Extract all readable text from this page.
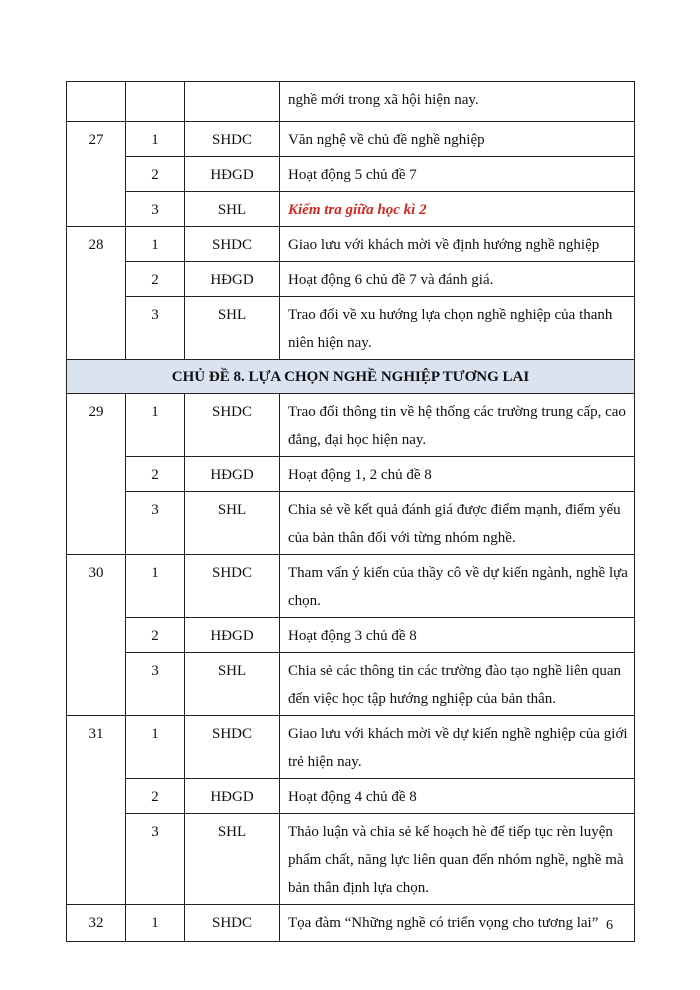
			nghề mới trong xã hội hiện nay.
27	1	SHDC	Văn nghệ về chủ đề nghề nghiệp
	2	HĐGD	Hoạt động 5 chủ đề 7
	3	SHL	Kiểm tra giữa học kì 2
28	1	SHDC	Giao lưu với khách mời về định hướng nghề nghiệp
	2	HĐGD	Hoạt động 6 chủ đề 7 và đánh giá.
	3	SHL	Trao đổi về xu hướng lựa chọn nghề nghiệp của thanh niên hiện nay.
CHỦ ĐỀ 8. LỰA CHỌN NGHỀ NGHIỆP TƯƠNG LAI			
29	1	SHDC	Trao đổi thông tin về hệ thống các trường trung cấp, cao đẳng, đại học hiện nay.
	2	HĐGD	Hoạt động 1, 2 chủ đề 8
	3	SHL	Chia sẻ về kết quả đánh giá được điểm mạnh, điểm yếu của bản thân đối với từng nhóm nghề.
30	1	SHDC	Tham vấn ý kiến của thầy cô về dự kiến ngành, nghề lựa chọn.
	2	HĐGD	Hoạt động 3 chủ đề 8
	3	SHL	Chia sẻ các thông tin các trường đào tạo nghề liên quan đến việc học tập hướng nghiệp của bản thân.
31	1	SHDC	Giao lưu với khách mời về dự kiến nghề nghiệp của giới trẻ hiện nay.
	2	HĐGD	Hoạt động 4 chủ đề 8
	3	SHL	Thảo luận và chia sẻ kế hoạch hè để tiếp tục rèn luyện phẩm chất, năng lực liên quan đến nhóm nghề, nghề mà bản thân định lựa chọn.
32	1	SHDC	Tọa đàm “Những nghề có triển vọng cho tương lai” 6
